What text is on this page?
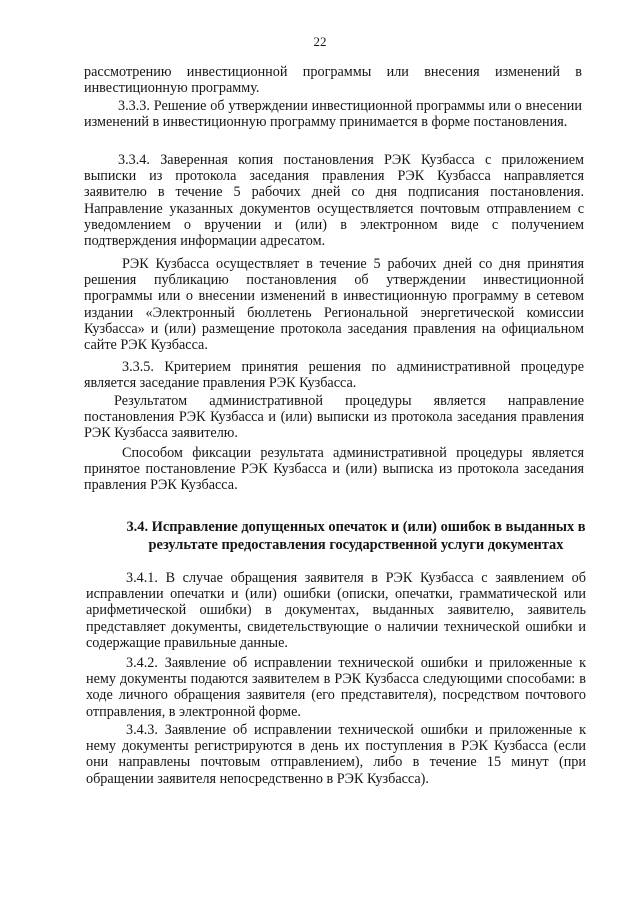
22
рассмотрению инвестиционной программы или внесения изменений в инвестиционную программу.
3.3.3. Решение об утверждении инвестиционной программы или о внесении изменений в инвестиционную программу принимается в форме постановления.
3.3.4. Заверенная копия постановления РЭК Кузбасса с приложением выписки из протокола заседания правления РЭК Кузбасса направляется заявителю в течение 5 рабочих дней со дня подписания постановления. Направление указанных документов осуществляется почтовым отправлением с уведомлением о вручении и (или) в электронном виде с получением подтверждения информации адресатом.
РЭК Кузбасса осуществляет в течение 5 рабочих дней со дня принятия решения публикацию постановления об утверждении инвестиционной программы или о внесении изменений в инвестиционную программу в сетевом издании «Электронный бюллетень Региональной энергетической комиссии Кузбасса» и (или) размещение протокола заседания правления на официальном сайте РЭК Кузбасса.
3.3.5. Критерием принятия решения по административной процедуре является заседание правления РЭК Кузбасса.
Результатом административной процедуры является направление постановления РЭК Кузбасса и (или) выписки из протокола заседания правления РЭК Кузбасса заявителю.
Способом фиксации результата административной процедуры является принятое постановление РЭК Кузбасса и (или) выписка из протокола заседания правления РЭК Кузбасса.
3.4. Исправление допущенных опечаток и (или) ошибок в выданных в результате предоставления государственной услуги документах
3.4.1. В случае обращения заявителя в РЭК Кузбасса с заявлением об исправлении опечатки и (или) ошибки (описки, опечатки, грамматической или арифметической ошибки) в документах, выданных заявителю, заявитель представляет документы, свидетельствующие о наличии технической ошибки и содержащие правильные данные.
3.4.2. Заявление об исправлении технической ошибки и приложенные к нему документы подаются заявителем в РЭК Кузбасса следующими способами: в ходе личного обращения заявителя (его представителя), посредством почтового отправления, в электронной форме.
3.4.3. Заявление об исправлении технической ошибки и приложенные к нему документы регистрируются в день их поступления в РЭК Кузбасса (если они направлены почтовым отправлением), либо в течение 15 минут (при обращении заявителя непосредственно в РЭК Кузбасса).
